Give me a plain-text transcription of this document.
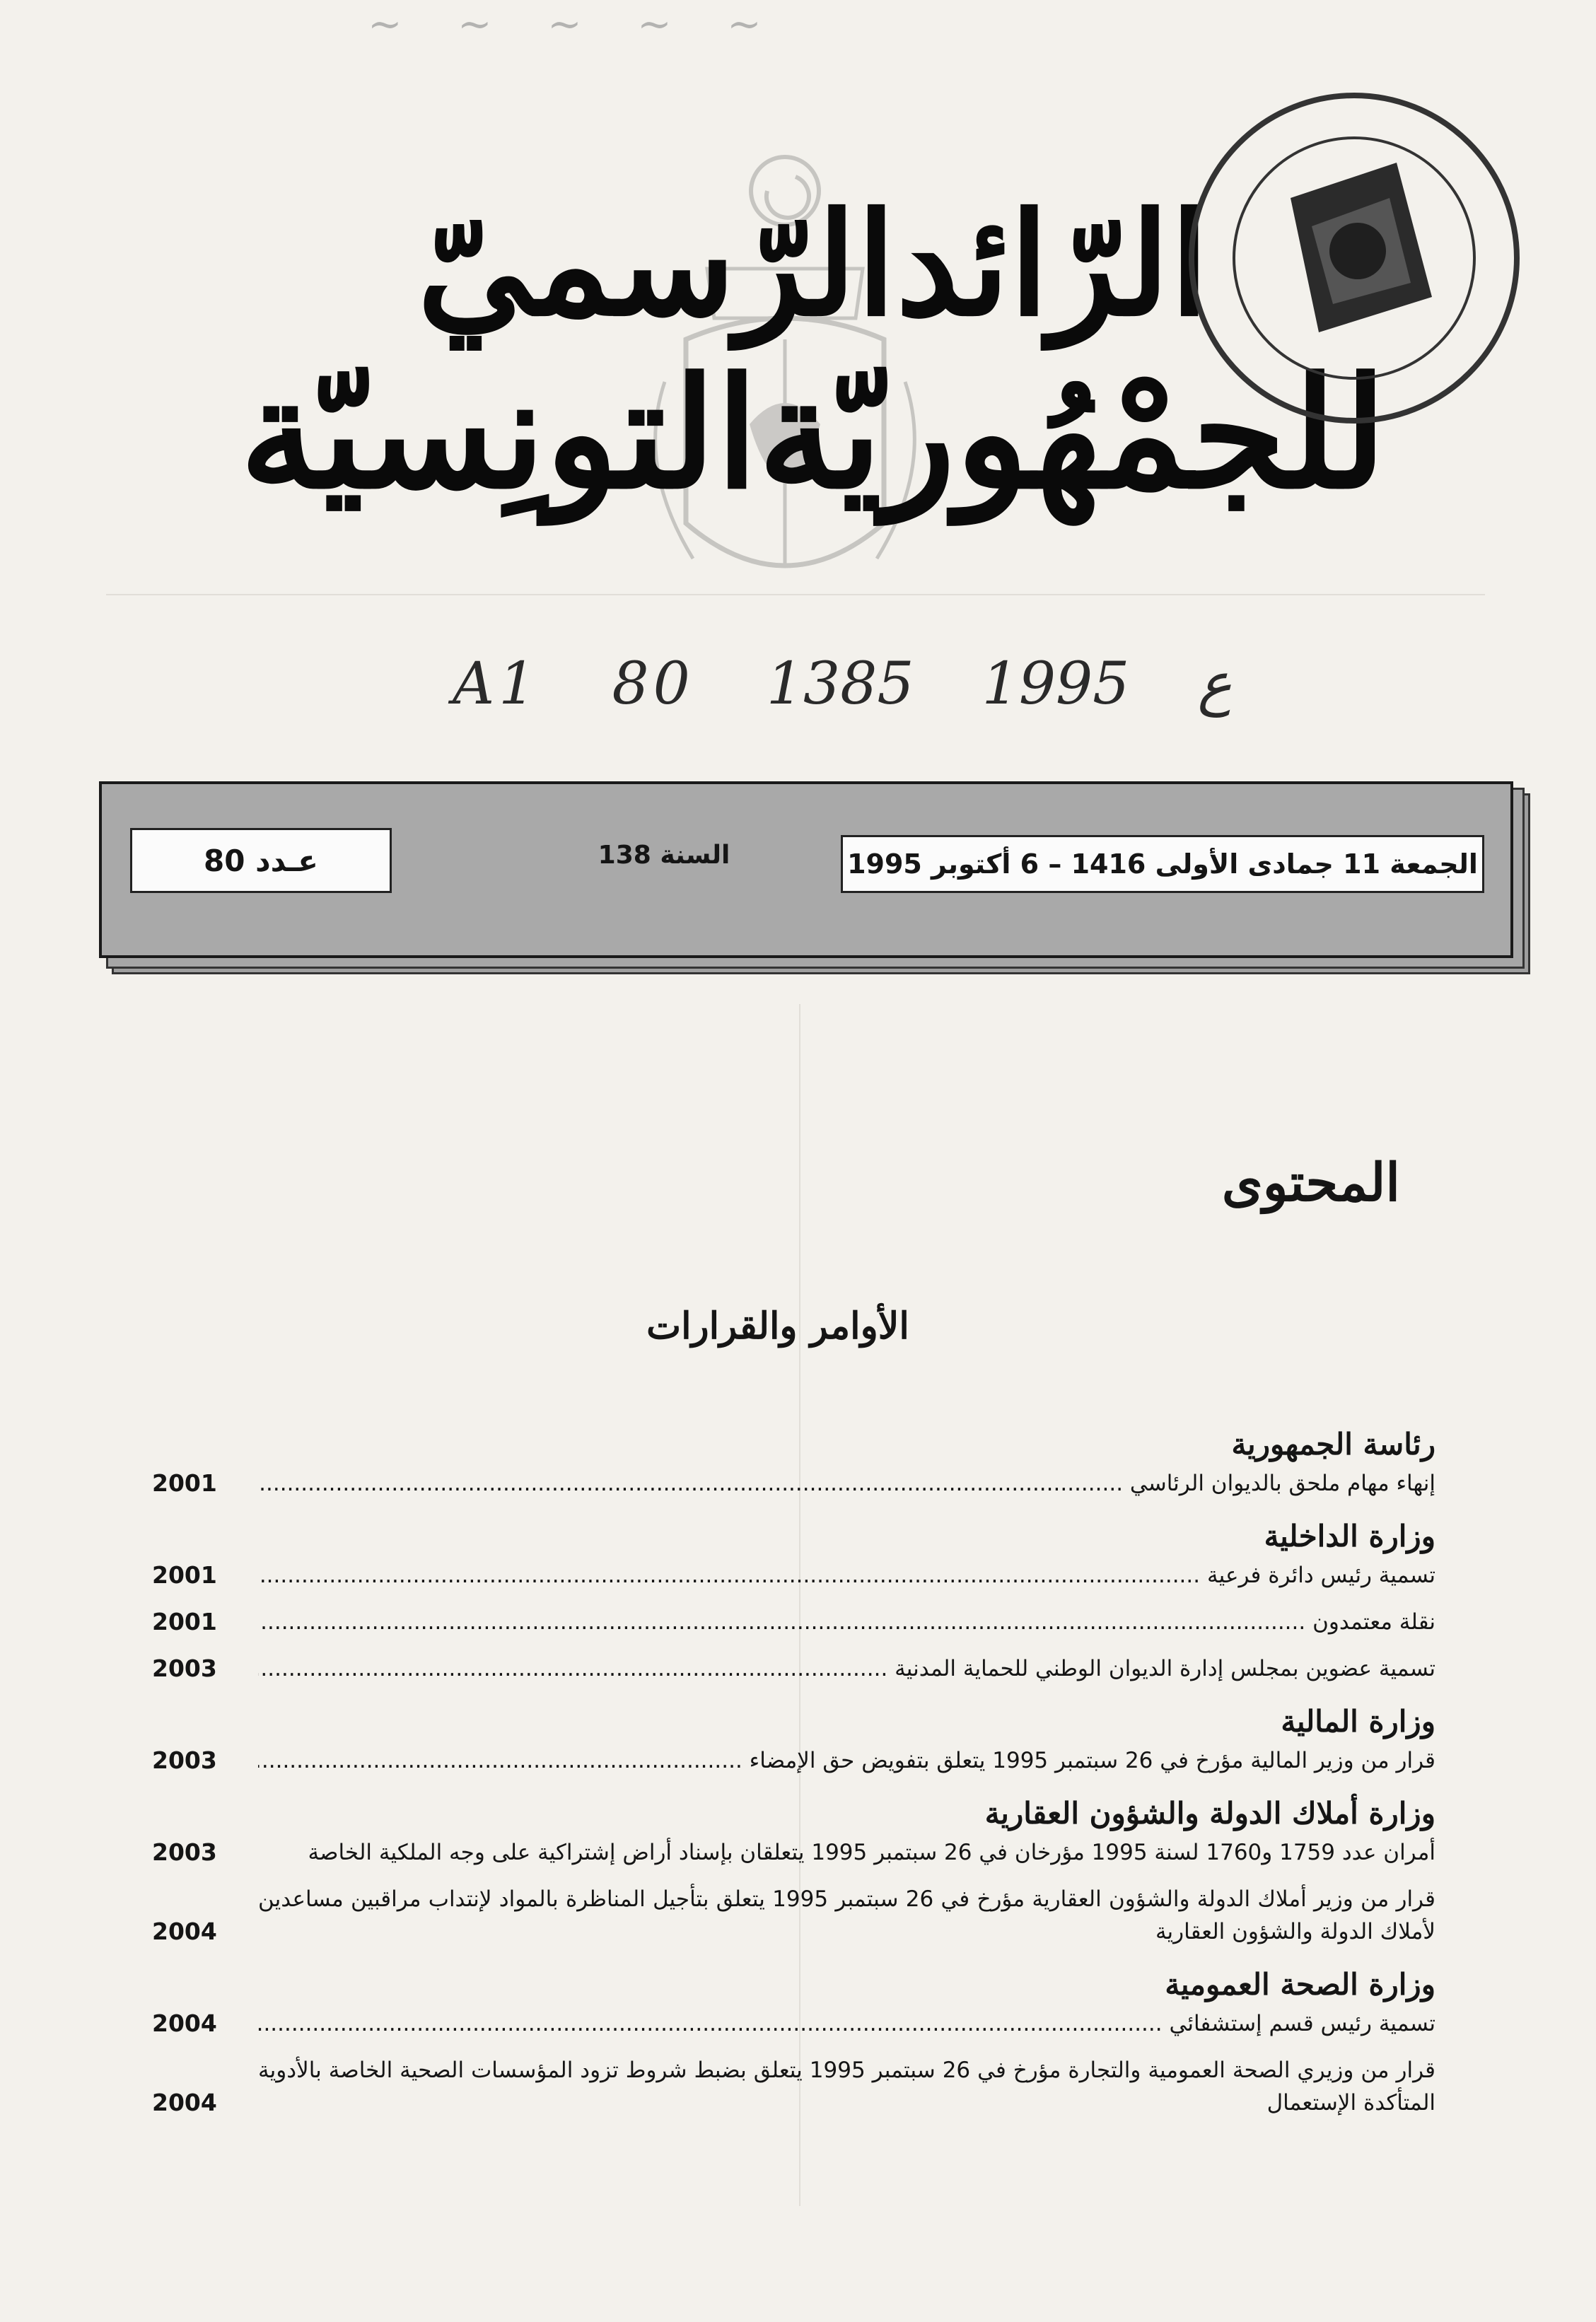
~ ~ ~ ~ ~
الرّائدالرّسميّ
للجمْهُوريّةالتونِسيّة
A1 80	ع 1995 1385
الجمعة 11 جمادى الأولى 1416 – 6 أكتوبر 1995
السنة 138
عـدد 80
المحتوى
الأوامر والقرارات
رئاسة الجمهورية
إنهاء مهام ملحق بالديوان الرئاسي .....
2001
وزارة الداخلية
تسمية رئيس دائرة فرعية .....
2001
نقلة معتمدون .....
2001
تسمية عضوين بمجلس إدارة الديوان الوطني للحماية المدنية .....
2003
وزارة المالية
قرار من وزير المالية مؤرخ في 26 سبتمبر 1995 يتعلق بتفويض حق الإمضاء .....
2003
وزارة أملاك الدولة والشؤون العقارية
أمران عدد 1759 و1760 لسنة 1995 مؤرخان في 26 سبتمبر 1995 يتعلقان بإسناد أراض إشتراكية على وجه الملكية الخاصة
2003
قرار من وزير أملاك الدولة والشؤون العقارية مؤرخ في 26 سبتمبر 1995 يتعلق بتأجيل المناظرة بالمواد لإنتداب مراقبين مساعدين لأملاك الدولة والشؤون العقارية
2004
وزارة الصحة العمومية
تسمية رئيس قسم إستشفائي .....
2004
قرار من وزيري الصحة العمومية والتجارة مؤرخ في 26 سبتمبر 1995 يتعلق بضبط شروط تزود المؤسسات الصحية الخاصة بالأدوية المتأكدة الإستعمال
2004
